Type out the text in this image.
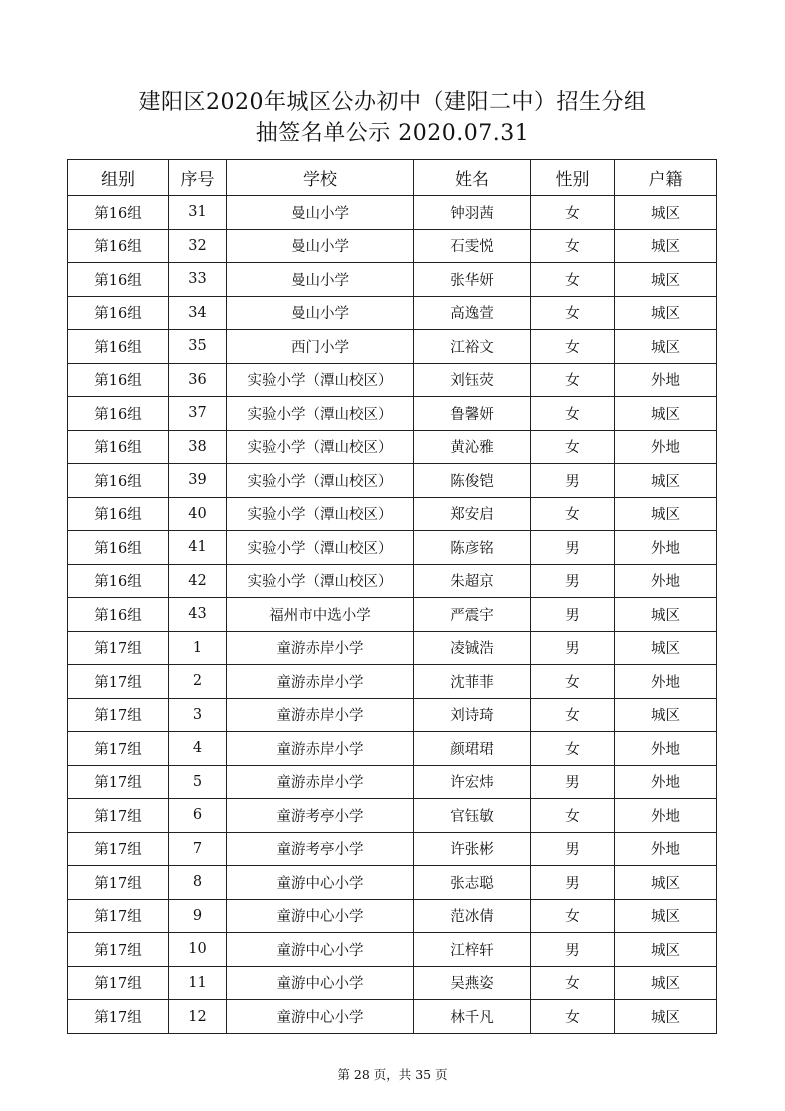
建阳区2020年城区公办初中（建阳二中）招生分组
抽签名单公示 2020.07.31
组别	序号	学校	姓名	性别	户籍
第16组	31	曼山小学	钟羽茜	女	城区
第16组	32	曼山小学	石雯悦	女	城区
第16组	33	曼山小学	张华妍	女	城区
第16组	34	曼山小学	高逸萱	女	城区
第16组	35	西门小学	江裕文	女	城区
第16组	36	实验小学（潭山校区）	刘钰荧	女	外地
第16组	37	实验小学（潭山校区）	鲁馨妍	女	城区
第16组	38	实验小学（潭山校区）	黄沁雅	女	外地
第16组	39	实验小学（潭山校区）	陈俊铠	男	城区
第16组	40	实验小学（潭山校区）	郑安启	女	城区
第16组	41	实验小学（潭山校区）	陈彦铭	男	外地
第16组	42	实验小学（潭山校区）	朱超京	男	外地
第16组	43	福州市中选小学	严震宇	男	城区
第17组	1	童游赤岸小学	凌铖浩	男	城区
第17组	2	童游赤岸小学	沈菲菲	女	外地
第17组	3	童游赤岸小学	刘诗琦	女	城区
第17组	4	童游赤岸小学	颜珺珺	女	外地
第17组	5	童游赤岸小学	许宏炜	男	外地
第17组	6	童游考亭小学	官钰敏	女	外地
第17组	7	童游考亭小学	许张彬	男	外地
第17组	8	童游中心小学	张志聪	男	城区
第17组	9	童游中心小学	范冰倩	女	城区
第17组	10	童游中心小学	江梓轩	男	城区
第17组	11	童游中心小学	吴燕姿	女	城区
第17组	12	童游中心小学	林千凡	女	城区
第 28 页，共 35 页
